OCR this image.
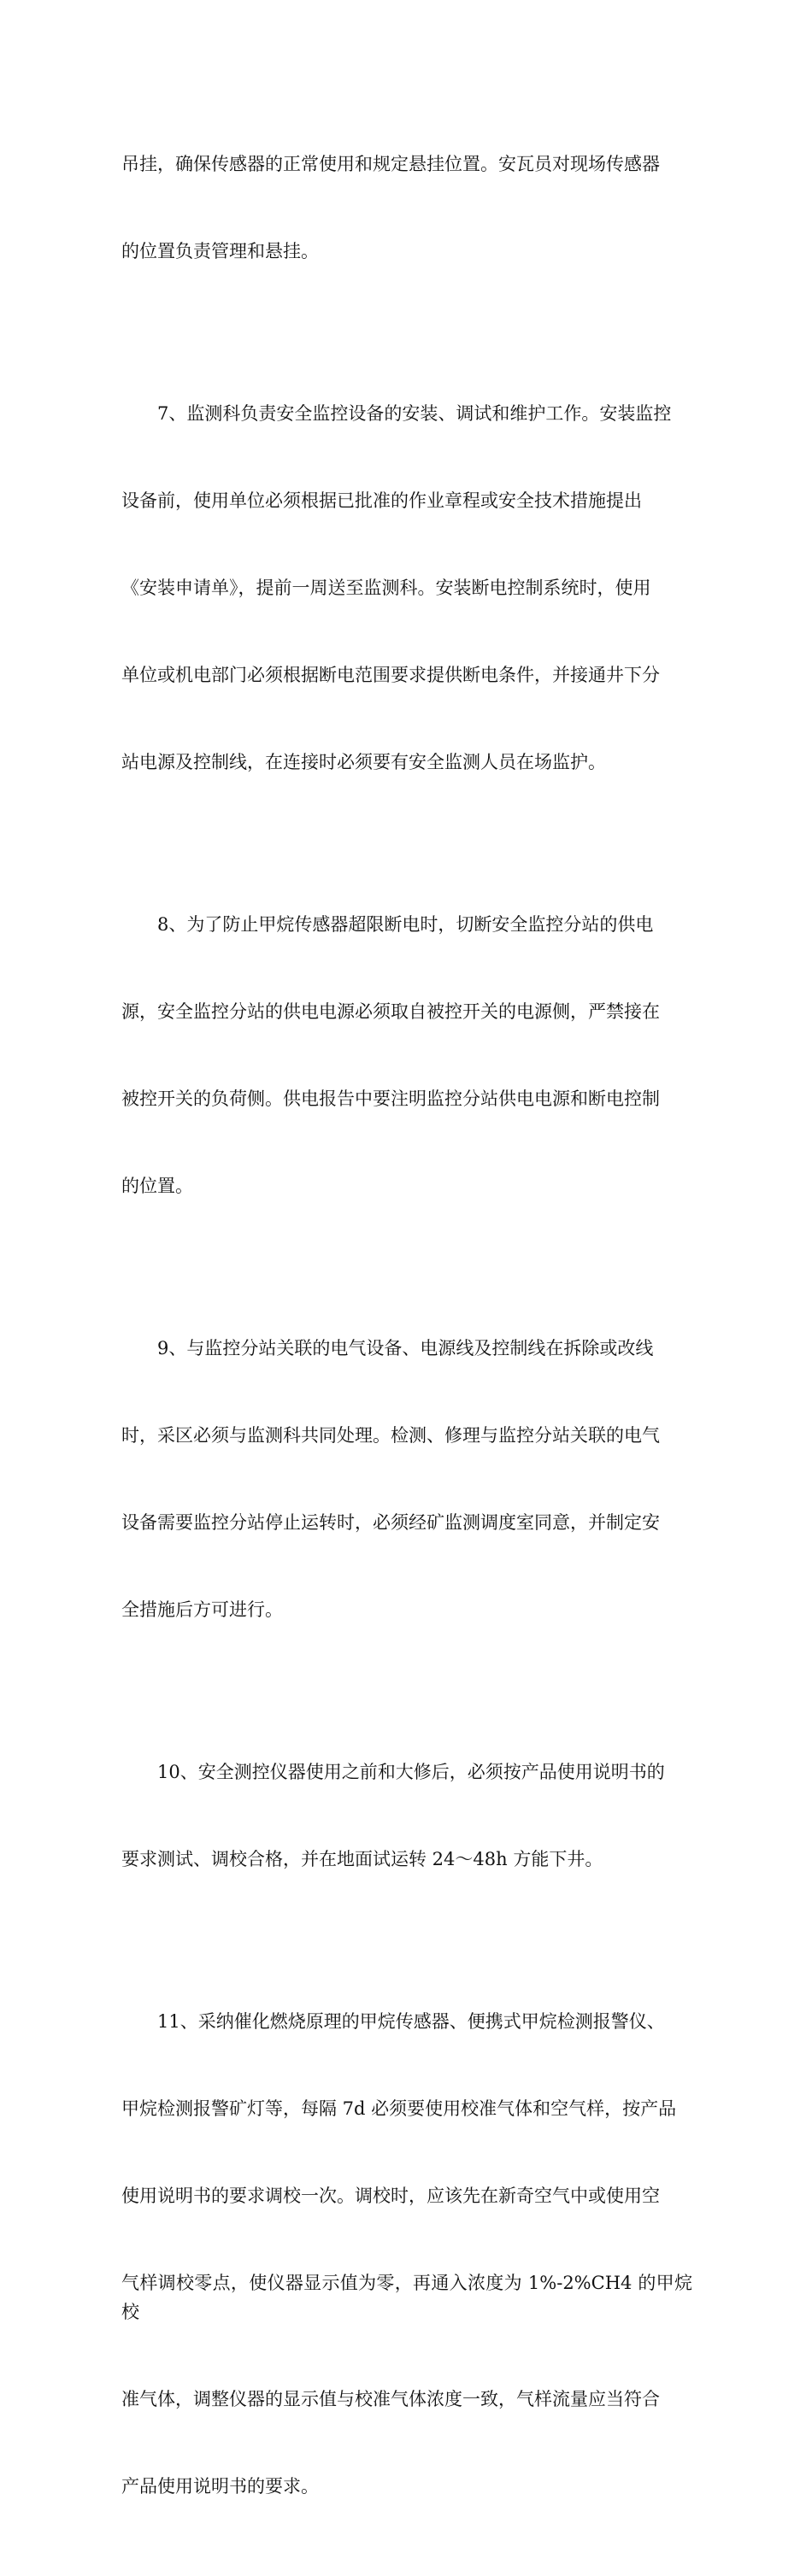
吊挂，确保传感器的正常使用和规定悬挂位置。安瓦员对现场传感器

的位置负责管理和悬挂。

7、监测科负责安全监控设备的安装、调试和维护工作。安装监控

设备前，使用单位必须根据已批准的作业章程或安全技术措施提出

《安装申请单》，提前一周送至监测科。安装断电控制系统时，使用

单位或机电部门必须根据断电范围要求提供断电条件，并接通井下分

站电源及控制线，在连接时必须要有安全监测人员在场监护。

8、为了防止甲烷传感器超限断电时，切断安全监控分站的供电

源，安全监控分站的供电电源必须取自被控开关的电源侧，严禁接在

被控开关的负荷侧。供电报告中要注明监控分站供电电源和断电控制

的位置。

9、与监控分站关联的电气设备、电源线及控制线在拆除或改线

时，采区必须与监测科共同处理。检测、修理与监控分站关联的电气

设备需要监控分站停止运转时，必须经矿监测调度室同意，并制定安

全措施后方可进行。

10、安全测控仪器使用之前和大修后，必须按产品使用说明书的

要求测试、调校合格，并在地面试运转 24～48h 方能下井。

11、采纳催化燃烧原理的甲烷传感器、便携式甲烷检测报警仪、

甲烷检测报警矿灯等，每隔 7d 必须要使用校准气体和空气样，按产品

使用说明书的要求调校一次。调校时，应该先在新奇空气中或使用空

气样调校零点，使仪器显示值为零，再通入浓度为 1%-2%CH4 的甲烷校

准气体，调整仪器的显示值与校准气体浓度一致，气样流量应当符合

产品使用说明书的要求。
